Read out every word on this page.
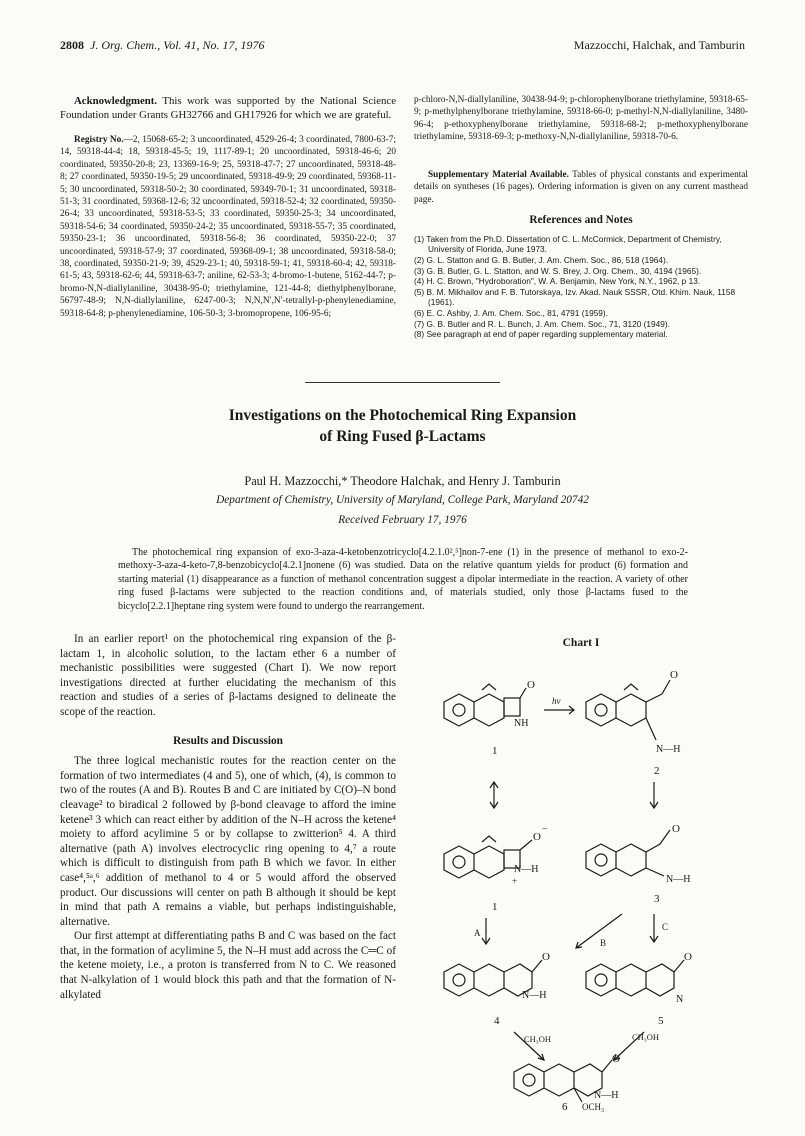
2808 J. Org. Chem., Vol. 41, No. 17, 1976	Mazzocchi, Halchak, and Tamburin

Acknowledgment. This work was supported by the National Science Foundation under Grants GH32766 and GH17926 for which we are grateful.

Registry No.—2, 15068-65-2; 3 uncoordinated, 4529-26-4; 3 coordinated, 7800-63-7; 14, 59318-44-4; 18, 59318-45-5; 19, 1117-89-1; 20 uncoordinated, 59318-46-6; 20 coordinated, 59350-20-8; 23, 13369-16-9; 25, 59318-47-7; 27 uncoordinated, 59318-48-8; 27 coordinated, 59350-19-5; 29 uncoordinated, 59318-49-9; 29 coordinated, 59368-11-5; 30 uncoordinated, 59318-50-2; 30 coordinated, 59349-70-1; 31 uncoordinated, 59318-51-3; 31 coordinated, 59368-12-6; 32 uncoordinated, 59318-52-4; 32 coordinated, 59350-26-4; 33 uncoordinated, 59318-53-5; 33 coordinated, 59350-25-3; 34 uncoordinated, 59318-54-6; 34 coordinated, 59350-24-2; 35 uncoordinated, 59318-55-7; 35 coordinated, 59350-23-1; 36 uncoordinated, 59318-56-8; 36 coordinated, 59350-22-0; 37 uncoordinated, 59318-57-9; 37 coordinated, 59368-09-1; 38 uncoordinated, 59318-58-0; 38, coordinated, 59350-21-9; 39, 4529-23-1; 40, 59318-59-1; 41, 59318-60-4; 42, 59318-61-5; 43, 59318-62-6; 44, 59318-63-7; aniline, 62-53-3; 4-bromo-1-butene, 5162-44-7; p-bromo-N,N-diallylaniline, 30438-95-0; triethylamine, 121-44-8; diethylphenylborane, 56797-48-9; N,N-diallylaniline, 6247-00-3; N,N,N′,N′-tetrallyl-p-phenylenediamine, 59318-64-8; p-phenylenediamine, 106-50-3; 3-bromopropene, 106-95-6;

p-chloro-N,N-diallylaniline, 30438-94-9; p-chlorophenylborane triethylamine, 59318-65-9; p-methylphenylborane triethylamine, 59318-66-0; p-methyl-N,N-diallylaniline, 3480-96-4; p-ethoxyphenylborane triethylamine, 59318-68-2; p-methoxyphenylborane triethylamine, 59318-69-3; p-methoxy-N,N-diallylaniline, 59318-70-6.

Supplementary Material Available. Tables of physical constants and experimental details on syntheses (16 pages). Ordering information is given on any current masthead page.

References and Notes
(1) Taken from the Ph.D. Dissertation of C. L. McCormick, Department of Chemistry, University of Florida, June 1973.
(2) G. L. Statton and G. B. Butler, J. Am. Chem. Soc., 86, 518 (1964).
(3) G. B. Butler, G. L. Statton, and W. S. Brey, J. Org. Chem., 30, 4194 (1965).
(4) H. C. Brown, "Hydroboration", W. A. Benjamin, New York, N.Y., 1962, p 13.
(5) B. M. Mikhailov and F. B. Tutorskaya, Izv. Akad. Nauk SSSR, Otd. Khim. Nauk, 1158 (1961).
(6) E. C. Ashby, J. Am. Chem. Soc., 81, 4791 (1959).
(7) G. B. Butler and R. L. Bunch, J. Am. Chem. Soc., 71, 3120 (1949).
(8) See paragraph at end of paper regarding supplementary material.
Investigations on the Photochemical Ring Expansion
of Ring Fused β-Lactams
Paul H. Mazzocchi,* Theodore Halchak, and Henry J. Tamburin
Department of Chemistry, University of Maryland, College Park, Maryland 20742
Received February 17, 1976
The photochemical ring expansion of exo-3-aza-4-ketobenzotricyclo[4.2.1.0²,⁵]non-7-ene (1) in the presence of methanol to exo-2-methoxy-3-aza-4-keto-7,8-benzobicyclo[4.2.1]nonene (6) was studied. Data on the relative quantum yields for product (6) formation and starting material (1) disappearance as a function of methanol concentration suggest a dipolar intermediate in the reaction. A variety of other ring fused β-lactams were subjected to the reaction conditions and, of materials studied, only those β-lactams fused to the bicyclo[2.2.1]heptane ring system were found to undergo the rearrangement.

In an earlier report¹ on the photochemical ring expansion of the β-lactam 1, in alcoholic solution, to the lactam ether 6 a number of mechanistic possibilities were suggested (Chart I). We now report investigations directed at further elucidating the mechanism of this reaction and studies of a series of β-lactams designed to delineate the scope of the reaction.

Results and Discussion

The three logical mechanistic routes for the reaction center on the formation of two intermediates (4 and 5), one of which, (4), is common to two of the routes (A and B). Routes B and C are initiated by C(O)–N bond cleavage² to biradical 2 followed by β-bond cleavage to afford the imine ketene³ 3 which can react either by addition of the N–H across the ketene⁴ moiety to afford acylimine 5 or by collapse to zwitterion⁵ 4. A third alternative (path A) involves electrocyclic ring opening to 4,⁷ a route which is difficult to distinguish from path B which we favor. In either case⁴,⁵ᵃ,⁶ addition of methanol to 4 or 5 would afford the observed product. Our discussions will center on path B although it should be kept in mind that path A remains a viable, but perhaps indistinguishable, alternative.

Our first attempt at differentiating paths B and C was based on the fact that, in the formation of acylimine 5, the N–H must add across the C═C of the ketene moiety, i.e., a proton is transferred from N to C. We reasoned that N-alkylation of 1 would block this path and that the formation of N-alkylated

Chart I
O
NH
1
hν
O
N—H
2
O
−
N—H
+
1
O
N—H
3
A
B
C
O
N—H
4
O
N
5
CH₃OH	CH₃OH
O
N—H
OCH₃
6
